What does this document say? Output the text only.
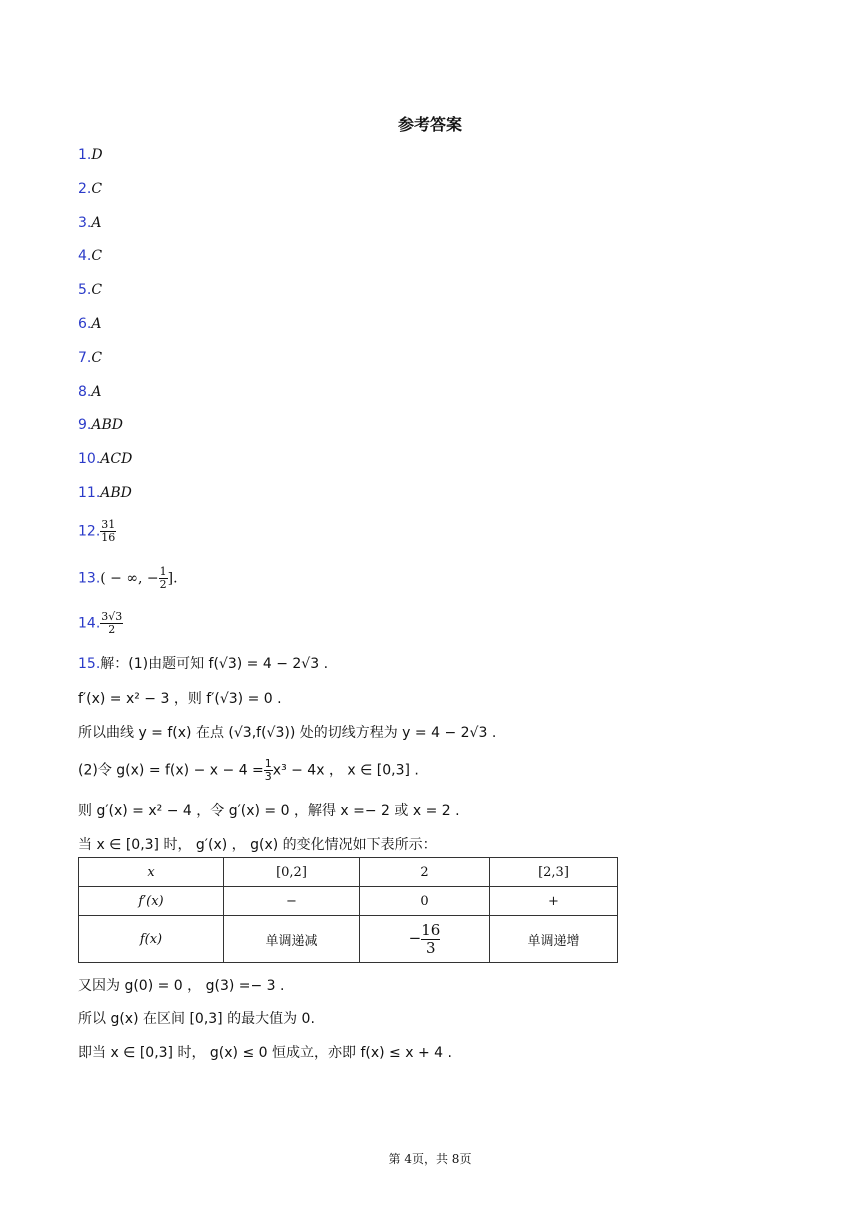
参考答案
1.D
2.C
3.A
4.C
5.C
6.A
7.C
8.A
9.ABD
10.ACD
11.ABD
12. $\frac{31}{16}$
13.( − ∞, − $\frac{1}{2}$ ].
14. $\frac{3√3}{2}$
15.解：(1)由题可知 f(√3) = 4 − 2√3 .
f′(x) = x² − 3 ，则 f′(√3) = 0 .
所以曲线 y = f(x) 在点 (√3,f(√3)) 处的切线方程为 y = 4 − 2√3 .
(2)令 $g(x) = f(x) - x - 4 = \frac{1}{3} x^3 - 4x$ ， x ∈ [0,3] .
则 g′(x) = x² − 4 ，令 g′(x) = 0 ，解得 x =− 2 或 x = 2 .
当 x ∈ [0,3] 时， g′(x) ， g(x) 的变化情况如下表所示：
x	[0,2]	2	[2,3]
f′(x)	−	0	+
f(x)	单调递减	− $\frac{16}{3}$	单调递增
又因为 g(0) = 0 ， g(3) =− 3 .
所以 g(x) 在区间 [0,3] 的最大值为 0.
即当 x ∈ [0,3] 时， g(x) ≤ 0 恒成立，亦即 f(x) ≤ x + 4 .
第 4页，共 8页
